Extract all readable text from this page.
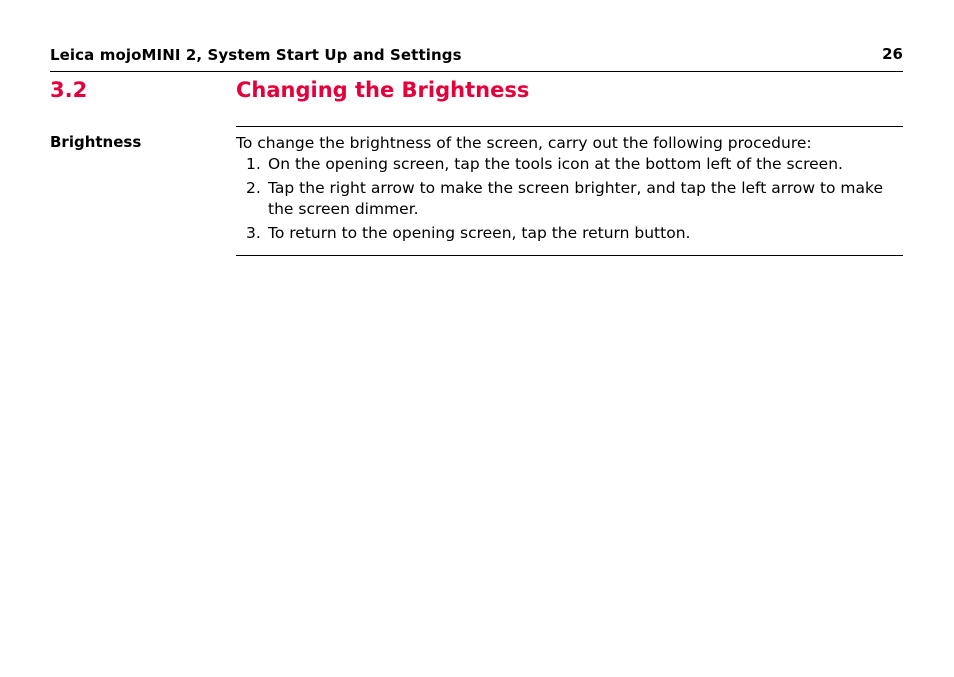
Leica mojoMINI 2, System Start Up and Settings	26
3.2	Changing the Brightness
Brightness	To change the brightness of the screen, carry out the following procedure:

1. On the opening screen, tap the tools icon at the bottom left of the screen.
2. Tap the right arrow to make the screen brighter, and tap the left arrow to make the screen dimmer.
3. To return to the opening screen, tap the return button.
